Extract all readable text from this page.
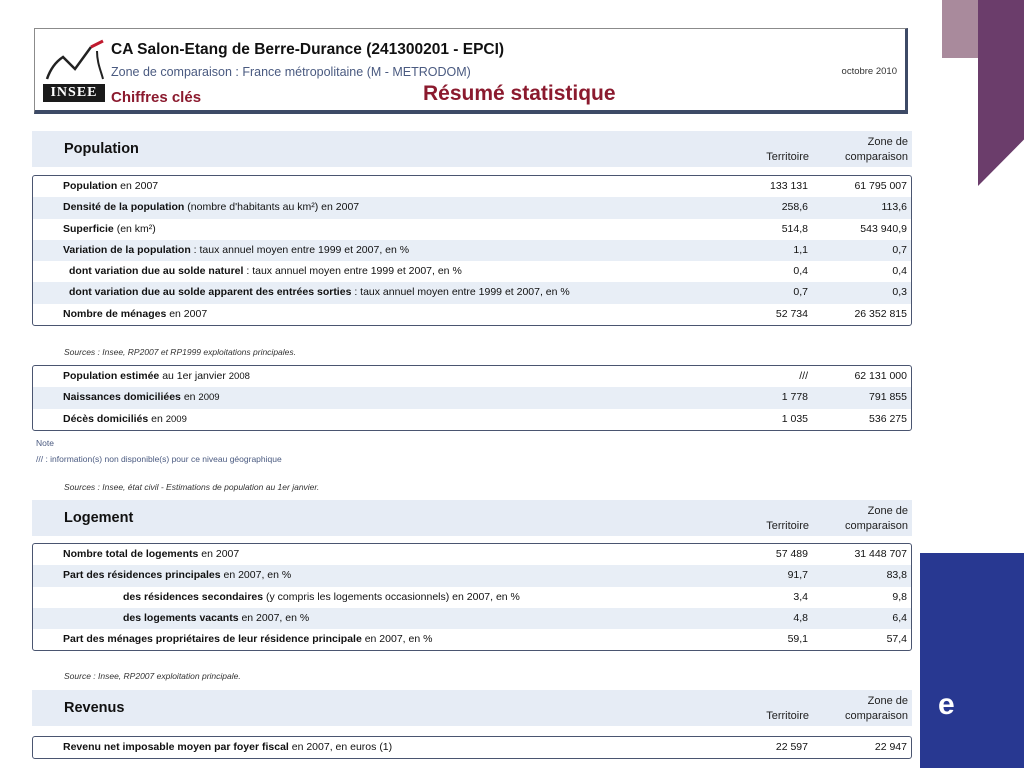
e
INSEE
CA Salon-Etang de Berre-Durance (241300201 - EPCI)
Zone de comparaison : France métropolitaine (M - METRODOM)
Chiffres clés	Résumé statistique
octobre 2010
Population	Territoire
Zone de
comparaison
Population en 2007	133 131	61 795 007
Densité de la population (nombre d'habitants au km²) en 2007	258,6	113,6
Superficie (en km²)	514,8	543 940,9
Variation de la population : taux annuel moyen entre 1999 et 2007, en %	1,1	0,7
dont variation due au solde naturel : taux annuel moyen entre 1999 et 2007, en %	0,4	0,4
dont variation due au solde apparent des entrées sorties : taux annuel moyen entre 1999 et 2007, en %	0,7	0,3
Nombre de ménages en 2007	52 734	26 352 815
Sources : Insee, RP2007 et RP1999 exploitations principales.
Population estimée au 1er janvier 2008	///	62 131 000
Naissances domiciliées en 2009	1 778	791 855
Décès domiciliés en 2009	1 035	536 275
Note
/// : information(s) non disponible(s) pour ce niveau géographique
Sources : Insee, état civil - Estimations de population au 1er janvier.
Logement	Territoire
Zone de
comparaison
Nombre total de logements en 2007	57 489	31 448 707
Part des résidences principales en 2007, en %	91,7	83,8
des résidences secondaires (y compris les logements occasionnels) en 2007, en %	3,4	9,8
des logements vacants en 2007, en %	4,8	6,4
Part des ménages propriétaires de leur résidence principale en 2007, en %	59,1	57,4
Source : Insee, RP2007 exploitation principale.
Revenus	Territoire
Zone de
comparaison
Revenu net imposable moyen par foyer fiscal en 2007, en euros (1)	22 597	22 947
